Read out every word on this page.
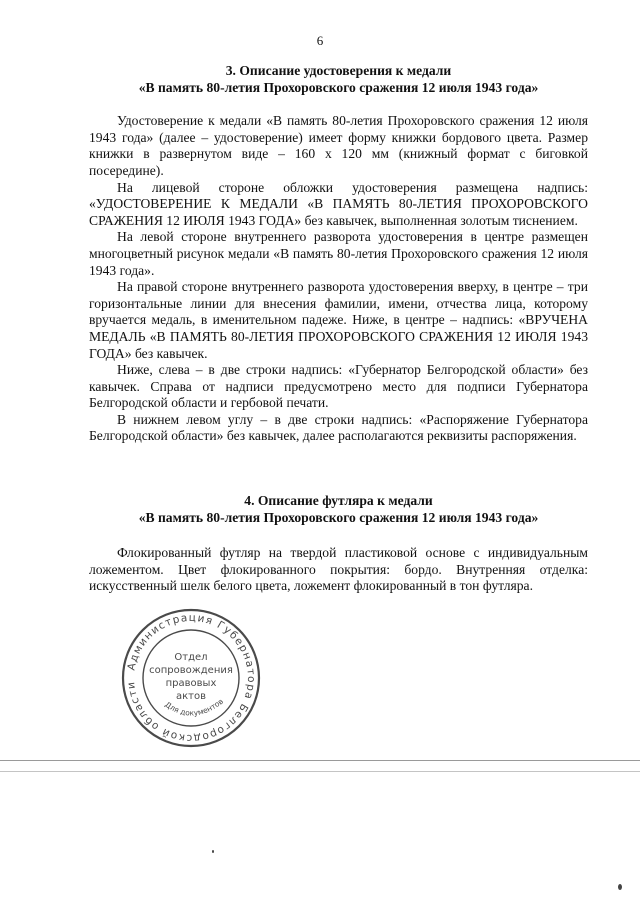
6

3. Описание удостоверения к медали

«В память 80-летия Прохоровского сражения 12 июля 1943 года»

Удостоверение к медали «В память 80-летия Прохоровского сражения 12 июля 1943 года» (далее – удостоверение) имеет форму книжки бордового цвета. Размер книжки в развернутом виде – 160 х 120 мм (книжный формат с биговкой посередине).

На лицевой стороне обложки удостоверения размещена надпись: «УДОСТОВЕРЕНИЕ К МЕДАЛИ «В ПАМЯТЬ 80-ЛЕТИЯ ПРОХОРОВСКОГО СРАЖЕНИЯ 12 ИЮЛЯ 1943 ГОДА» без кавычек, выполненная золотым тиснением.

На левой стороне внутреннего разворота удостоверения в центре размещен многоцветный рисунок медали «В память 80-летия Прохоровского сражения 12 июля 1943 года».

На правой стороне внутреннего разворота удостоверения вверху, в центре – три горизонтальные линии для внесения фамилии, имени, отчества лица, которому вручается медаль, в именительном падеже. Ниже, в центре – надпись: «ВРУЧЕНА МЕДАЛЬ «В ПАМЯТЬ 80-ЛЕТИЯ ПРОХОРОВСКОГО СРАЖЕНИЯ 12 ИЮЛЯ 1943 ГОДА» без кавычек.

Ниже, слева – в две строки надпись: «Губернатор Белгородской области» без кавычек. Справа от надписи предусмотрено место для подписи Губернатора Белгородской области и гербовой печати.

В нижнем левом углу – в две строки надпись: «Распоряжение Губернатора Белгородской области» без кавычек, далее располагаются реквизиты распоряжения.

4. Описание футляра к медали

«В память 80-летия Прохоровского сражения 12 июля 1943 года»

Флокированный футляр на твердой пластиковой основе с индивидуальным ложементом. Цвет флокированного покрытия: бордо. Внутренняя отделка: искусственный шелк белого цвета, ложемент флокированный в тон футляра.

Администрация Губернатора Белгородской области
Отдел
сопровождения
правовых
актов
Для документов
